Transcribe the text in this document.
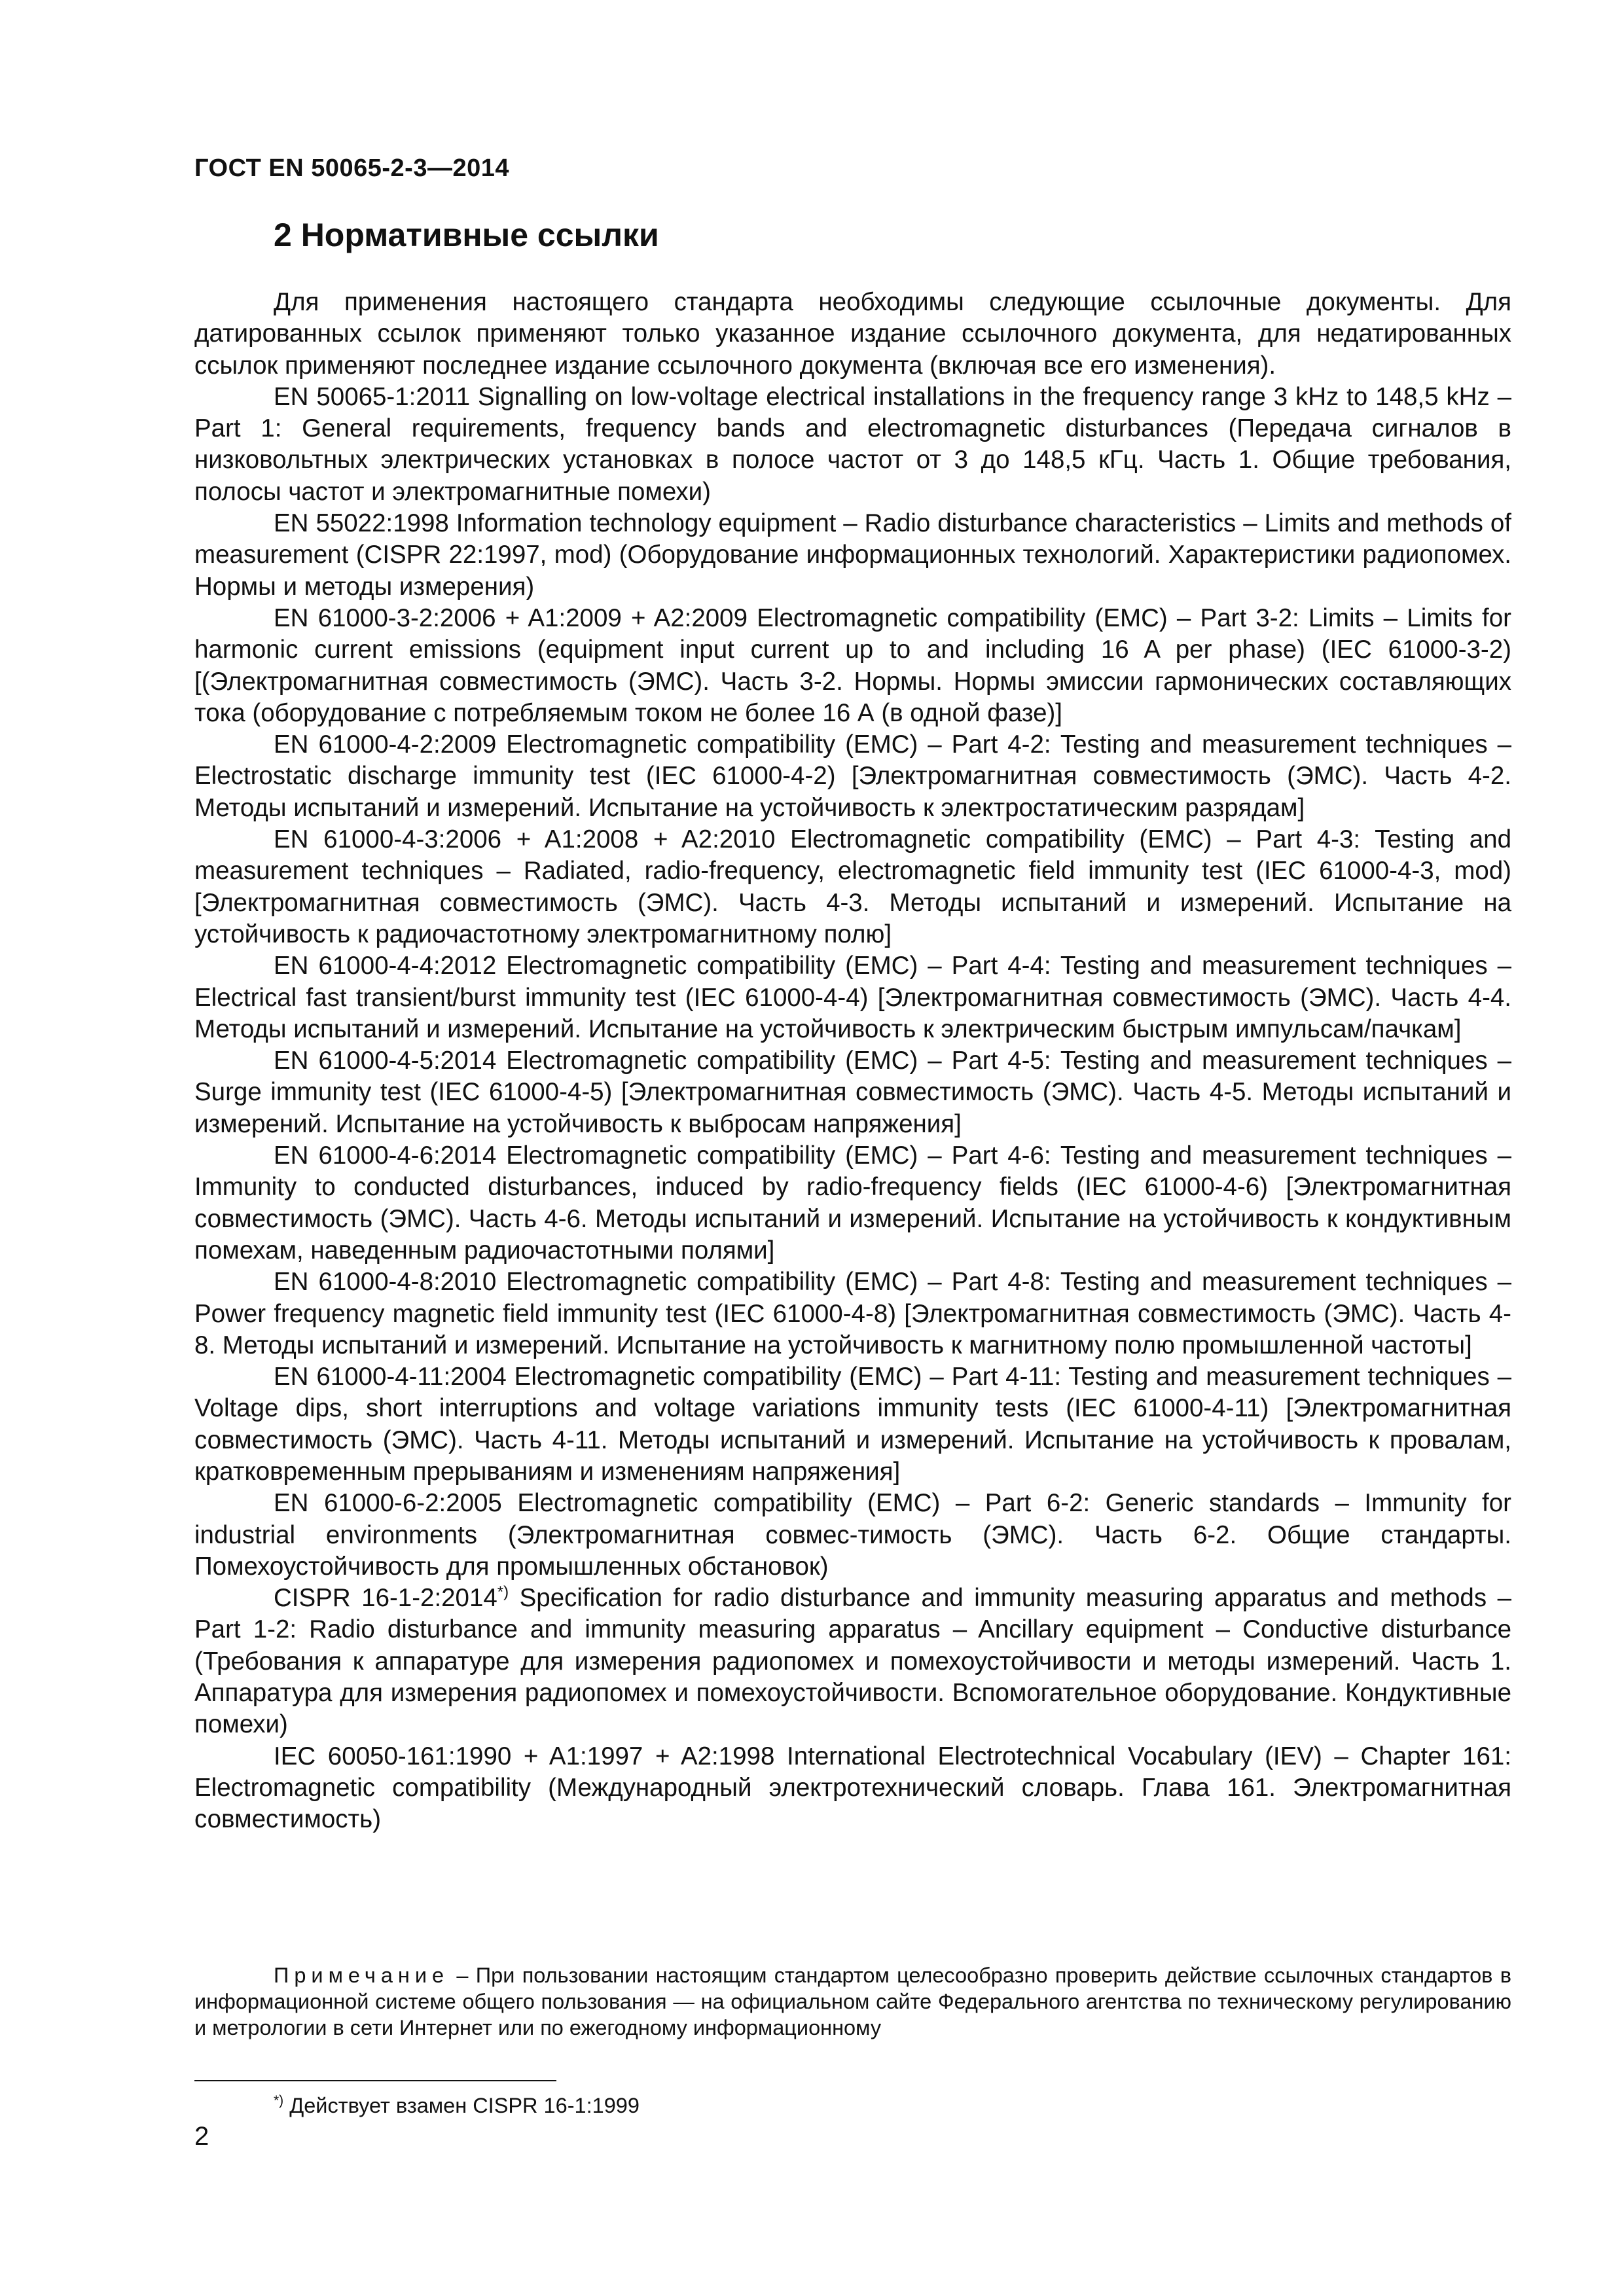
ГОСТ EN 50065-2-3—2014
2 Нормативные ссылки

Для применения настоящего стандарта необходимы следующие ссылочные документы. Для датированных ссылок применяют только указанное издание ссылочного документа, для недатированных ссылок применяют последнее издание ссылочного документа (включая все его изменения).

EN 50065-1:2011 Signalling on low-voltage electrical installations in the frequency range 3 kHz to 148,5 kHz – Part 1: General requirements, frequency bands and electromagnetic disturbances (Передача сигналов в низковольтных электрических установках в полосе частот от 3 до 148,5 кГц. Часть 1. Общие требования, полосы частот и электромагнитные помехи)

EN 55022:1998 Information technology equipment – Radio disturbance characteristics – Limits and methods of measurement (CISPR 22:1997, mod) (Оборудование информационных технологий. Характеристики радиопомех. Нормы и методы измерения)

EN 61000-3-2:2006 + A1:2009 + A2:2009 Electromagnetic compatibility (EMC) – Part 3-2: Limits – Limits for harmonic current emissions (equipment input current up to and including 16 A per phase) (IEC 61000-3-2) [(Электромагнитная совместимость (ЭМС). Часть 3-2. Нормы. Нормы эмиссии гармонических составляющих тока (оборудование с потребляемым током не более 16 А (в одной фазе)]

EN 61000-4-2:2009 Electromagnetic compatibility (EMC) – Part 4-2: Testing and measurement techniques – Electrostatic discharge immunity test (IEC 61000-4-2) [Электромагнитная совместимость (ЭМС). Часть 4-2. Методы испытаний и измерений. Испытание на устойчивость к электростатическим разрядам]

EN 61000-4-3:2006 + A1:2008 + A2:2010 Electromagnetic compatibility (EMC) – Part 4-3: Testing and measurement techniques – Radiated, radio-frequency, electromagnetic field immunity test (IEC 61000-4-3, mod) [Электромагнитная совместимость (ЭМС). Часть 4-3. Методы испытаний и измерений. Испытание на устойчивость к радиочастотному электромагнитному полю]

EN 61000-4-4:2012 Electromagnetic compatibility (EMC) – Part 4-4: Testing and measurement techniques – Electrical fast transient/burst immunity test (IEC 61000-4-4) [Электромагнитная совместимость (ЭМС). Часть 4-4. Методы испытаний и измерений. Испытание на устойчивость к электрическим быстрым импульсам/пачкам]

EN 61000-4-5:2014 Electromagnetic compatibility (EMC) – Part 4-5: Testing and measurement techniques – Surge immunity test (IEC 61000-4-5) [Электромагнитная совместимость (ЭМС). Часть 4-5. Методы испытаний и измерений. Испытание на устойчивость к выбросам напряжения]

EN 61000-4-6:2014 Electromagnetic compatibility (EMC) – Part 4-6: Testing and measurement techniques – Immunity to conducted disturbances, induced by radio-frequency fields (IEC 61000-4-6) [Электромагнитная совместимость (ЭМС). Часть 4-6. Методы испытаний и измерений. Испытание на устойчивость к кондуктивным помехам, наведенным радиочастотными полями]

EN 61000-4-8:2010 Electromagnetic compatibility (EMC) – Part 4-8: Testing and measurement techniques – Power frequency magnetic field immunity test (IEC 61000-4-8) [Электромагнитная совместимость (ЭМС). Часть 4-8. Методы испытаний и измерений. Испытание на устойчивость к магнитному полю промышленной частоты]

EN 61000-4-11:2004 Electromagnetic compatibility (EMC) – Part 4-11: Testing and measurement techniques – Voltage dips, short interruptions and voltage variations immunity tests (IEC 61000-4-11) [Электромагнитная совместимость (ЭМС). Часть 4-11. Методы испытаний и измерений. Испытание на устойчивость к провалам, кратковременным прерываниям и изменениям напряжения]

EN 61000-6-2:2005 Electromagnetic compatibility (EMC) – Part 6-2: Generic standards – Immunity for industrial environments (Электромагнитная совмес-тимость (ЭМС). Часть 6-2. Общие стандарты. Помехоустойчивость для промышленных обстановок)

CISPR 16-1-2:2014*) Specification for radio disturbance and immunity measuring apparatus and methods – Part 1-2: Radio disturbance and immunity measuring apparatus – Ancillary equipment – Conductive disturbance (Требования к аппаратуре для измерения радиопомех и помехоустойчивости и методы измерений. Часть 1. Аппаратура для измерения радиопомех и помехоустойчивости. Вспомогательное оборудование. Кондуктивные помехи)

IEC 60050-161:1990 + A1:1997 + A2:1998 International Electrotechnical Vocabulary (IEV) – Chapter 161: Electromagnetic compatibility (Международный электротехнический словарь. Глава 161. Электромагнитная совместимость)

Примечание – При пользовании настоящим стандартом целесообразно проверить действие ссылочных стандартов в информационной системе общего пользования — на официальном сайте Федерального агентства по техническому регулированию и метрологии в сети Интернет или по ежегодному информационному
*) Действует взамен CISPR 16-1:1999
2
